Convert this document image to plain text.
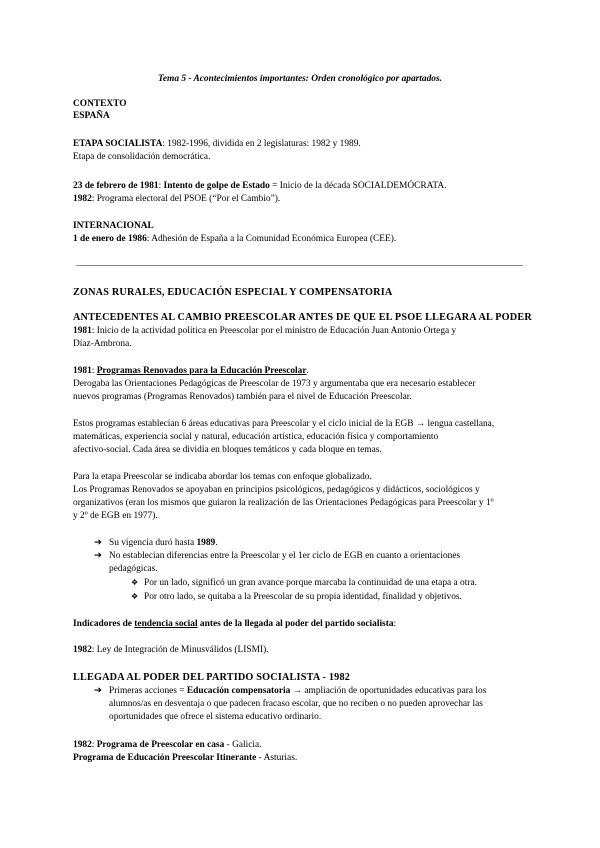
Tema 5 - Acontecimientos importantes: Orden cronológico por apartados.
CONTEXTO
ESPAÑA
ETAPA SOCIALISTA: 1982-1996, dividida en 2 legislaturas: 1982 y 1989.
Etapa de consolidación democrática.
23 de febrero de 1981: Intento de golpe de Estado = Inicio de la década SOCIALDEMÓCRATA.
1982: Programa electoral del PSOE (“Por el Cambio”).
INTERNACIONAL
1 de enero de 1986: Adhesión de España a la Comunidad Económica Europea (CEE).
ZONAS RURALES, EDUCACIÓN ESPECIAL Y COMPENSATORIA
ANTECEDENTES AL CAMBIO PREESCOLAR ANTES DE QUE EL PSOE LLEGARA AL PODER
1981: Inicio de la actividad política en Preescolar por el ministro de Educación Juan Antonio Ortega y
Díaz-Ambrona.
1981: Programas Renovados para la Educación Preescolar.
Derogaba las Orientaciones Pedagógicas de Preescolar de 1973 y argumentaba que era necesario establecer
nuevos programas (Programas Renovados) también para el nivel de Educación Preescolar.
Estos programas establecían 6 áreas educativas para Preescolar y el ciclo inicial de la EGB → lengua castellana,
matemáticas, experiencia social y natural, educación artística, educación física y comportamiento
afectivo-social. Cada área se dividía en bloques temáticos y cada bloque en temas.
Para la etapa Preescolar se indicaba abordar los temas con enfoque globalizado.
Los Programas Renovados se apoyaban en principios psicológicos, pedagógicos y didácticos, sociológicos y
organizativos (eran los mismos que guiaron la realización de las Orientaciones Pedagógicas para Preescolar y 1º
y 2º de EGB en 1977).
➔ Su vigencia duró hasta 1989.
➔ No establecían diferencias entre la Preescolar y el 1er ciclo de EGB en cuanto a orientaciones
pedagógicas.
❖ Por un lado, significó un gran avance porque marcaba la continuidad de una etapa a otra.
❖ Por otro lado, se quitaba a la Preescolar de su propia identidad, finalidad y objetivos.
Indicadores de tendencia social antes de la llegada al poder del partido socialista:
1982: Ley de Integración de Minusválidos (LISMI).
LLEGADA AL PODER DEL PARTIDO SOCIALISTA - 1982
➔ Primeras acciones = Educación compensatoria → ampliación de oportunidades educativas para los
alumnos/as en desventaja o que padecen fracaso escolar, que no reciben o no pueden aprovechar las
oportunidades que ofrece el sistema educativo ordinario.
1982: Programa de Preescolar en casa - Galicia.
Programa de Educación Preescolar Itinerante - Asturias.
